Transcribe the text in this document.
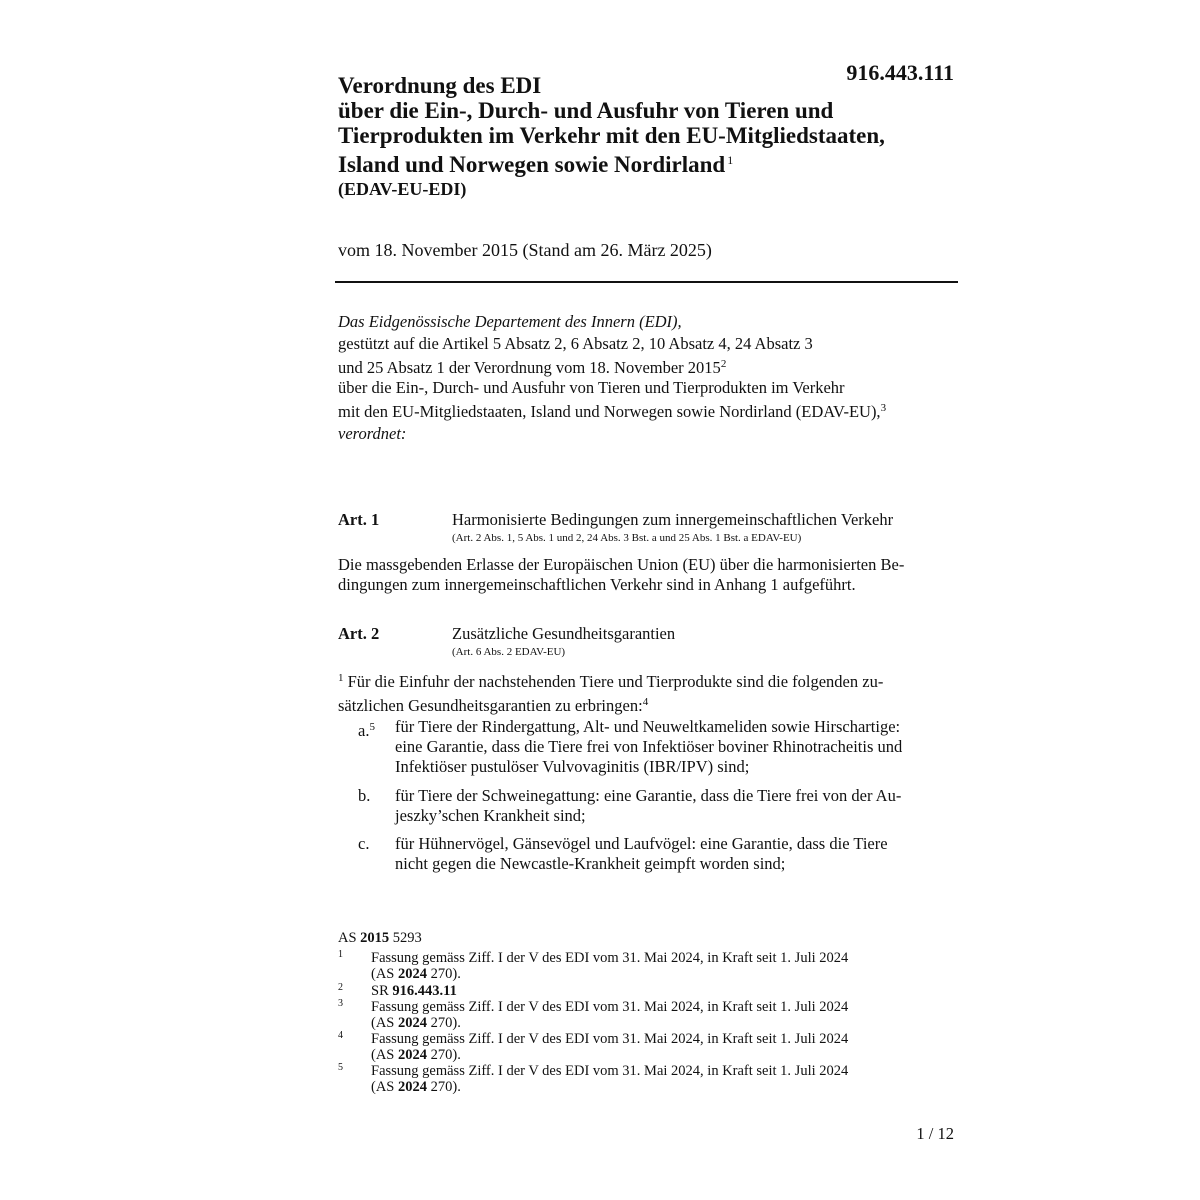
916.443.111
Verordnung des EDI
über die Ein-, Durch- und Ausfuhr von Tieren und
Tierprodukten im Verkehr mit den EU-Mitgliedstaaten,
Island und Norwegen sowie Nordirland $^1$
(EDAV-EU-EDI)
vom 18. November 2015 (Stand am 26. März 2025)
Das Eidgenössische Departement des Innern (EDI),
gestützt auf die Artikel 5 Absatz 2, 6 Absatz 2, 10 Absatz 4, 24 Absatz 3
und 25 Absatz 1 der Verordnung vom 18. November 2015$^2$
über die Ein-, Durch- und Ausfuhr von Tieren und Tierprodukten im Verkehr
mit den EU-Mitgliedstaaten, Island und Norwegen sowie Nordirland (EDAV-EU),$^3$
verordnet:
Art. 1	Harmonisierte Bedingungen zum innergemeinschaftlichen Verkehr
(Art. 2 Abs. 1, 5 Abs. 1 und 2, 24 Abs. 3 Bst. a und 25 Abs. 1 Bst. a EDAV-EU)
Die massgebenden Erlasse der Europäischen Union (EU) über die harmonisierten Be-
dingungen zum innergemeinschaftlichen Verkehr sind in Anhang 1 aufgeführt.
Art. 2	Zusätzliche Gesundheitsgarantien
(Art. 6 Abs. 2 EDAV-EU)
$^1$ Für die Einfuhr der nachstehenden Tiere und Tierprodukte sind die folgenden zu-
sätzlichen Gesundheitsgarantien zu erbringen:$^4$
a.$^5$ für Tiere der Rindergattung, Alt- und Neuweltkameliden sowie Hirschartige:
eine Garantie, dass die Tiere frei von Infektiöser boviner Rhinotracheitis und
Infektiöser pustulöser Vulvovaginitis (IBR/IPV) sind;
b. für Tiere der Schweinegattung: eine Garantie, dass die Tiere frei von der Au-
jeszky’schen Krankheit sind;
c. für Hühnervögel, Gänsevögel und Laufvögel: eine Garantie, dass die Tiere
nicht gegen die Newcastle-Krankheit geimpft worden sind;
AS 2015 5293
1 Fassung gemäss Ziff. I der V des EDI vom 31. Mai 2024, in Kraft seit 1. Juli 2024
(AS 2024 270).
2 SR 916.443.11
3 Fassung gemäss Ziff. I der V des EDI vom 31. Mai 2024, in Kraft seit 1. Juli 2024
(AS 2024 270).
4 Fassung gemäss Ziff. I der V des EDI vom 31. Mai 2024, in Kraft seit 1. Juli 2024
(AS 2024 270).
5 Fassung gemäss Ziff. I der V des EDI vom 31. Mai 2024, in Kraft seit 1. Juli 2024
(AS 2024 270).
1 / 12
